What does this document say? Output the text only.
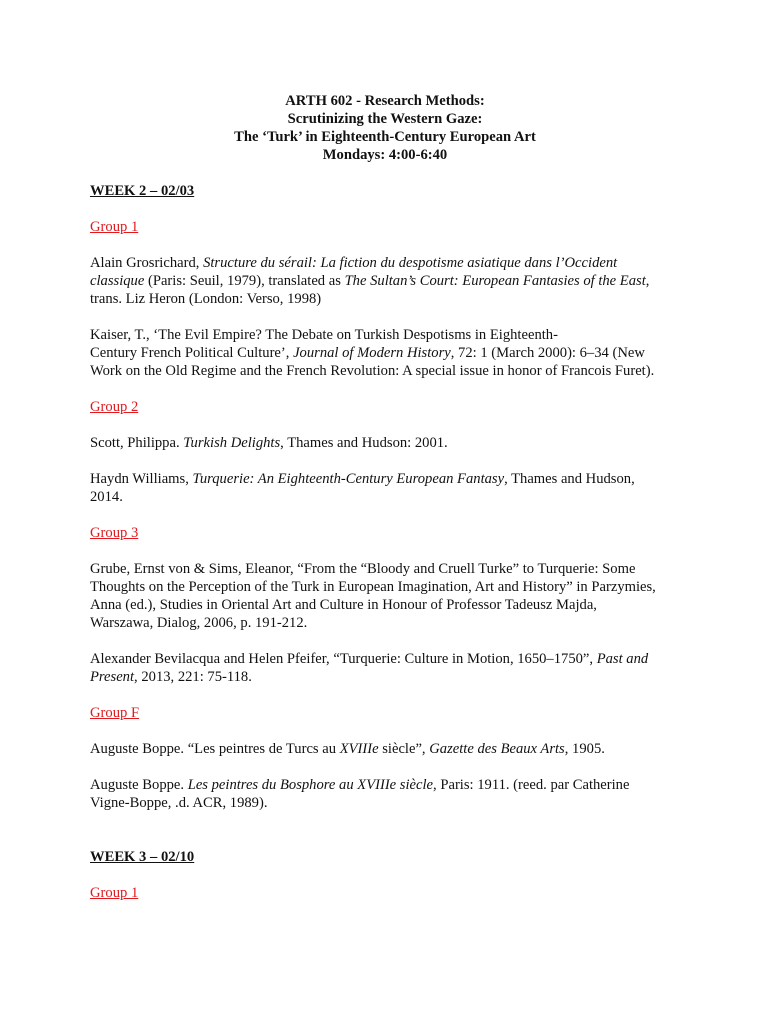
ARTH 602 - Research Methods:
Scrutinizing the Western Gaze:
The ‘Turk’ in Eighteenth-Century European Art
Mondays: 4:00-6:40
WEEK 2 – 02/03
Group 1
Alain Grosrichard, Structure du sérail: La fiction du despotisme asiatique dans l’Occident
classique (Paris: Seuil, 1979), translated as The Sultan’s Court: European Fantasies of the East,
trans. Liz Heron (London: Verso, 1998)
Kaiser, T., ‘The Evil Empire? The Debate on Turkish Despotisms in Eighteenth-
Century French Political Culture’, Journal of Modern History, 72: 1 (March 2000): 6–34 (New
Work on the Old Regime and the French Revolution: A special issue in honor of Francois Furet).
Group 2
Scott, Philippa. Turkish Delights, Thames and Hudson: 2001.
Haydn Williams, Turquerie: An Eighteenth-Century European Fantasy, Thames and Hudson,
2014.
Group 3
Grube, Ernst von & Sims, Eleanor, “From the “Bloody and Cruell Turke” to Turquerie: Some
Thoughts on the Perception of the Turk in European Imagination, Art and History” in Parzymies,
Anna (ed.), Studies in Oriental Art and Culture in Honour of Professor Tadeusz Majda,
Warszawa, Dialog, 2006, p. 191-212.
Alexander Bevilacqua and Helen Pfeifer, “Turquerie: Culture in Motion, 1650–1750”, Past and
Present, 2013, 221: 75-118.
Group F
Auguste Boppe. “Les peintres de Turcs au XVIIIe siècle”, Gazette des Beaux Arts, 1905.
Auguste Boppe. Les peintres du Bosphore au XVIIIe siècle, Paris: 1911. (reed. par Catherine
Vigne-Boppe, .d. ACR, 1989).
WEEK 3 – 02/10
Group 1
